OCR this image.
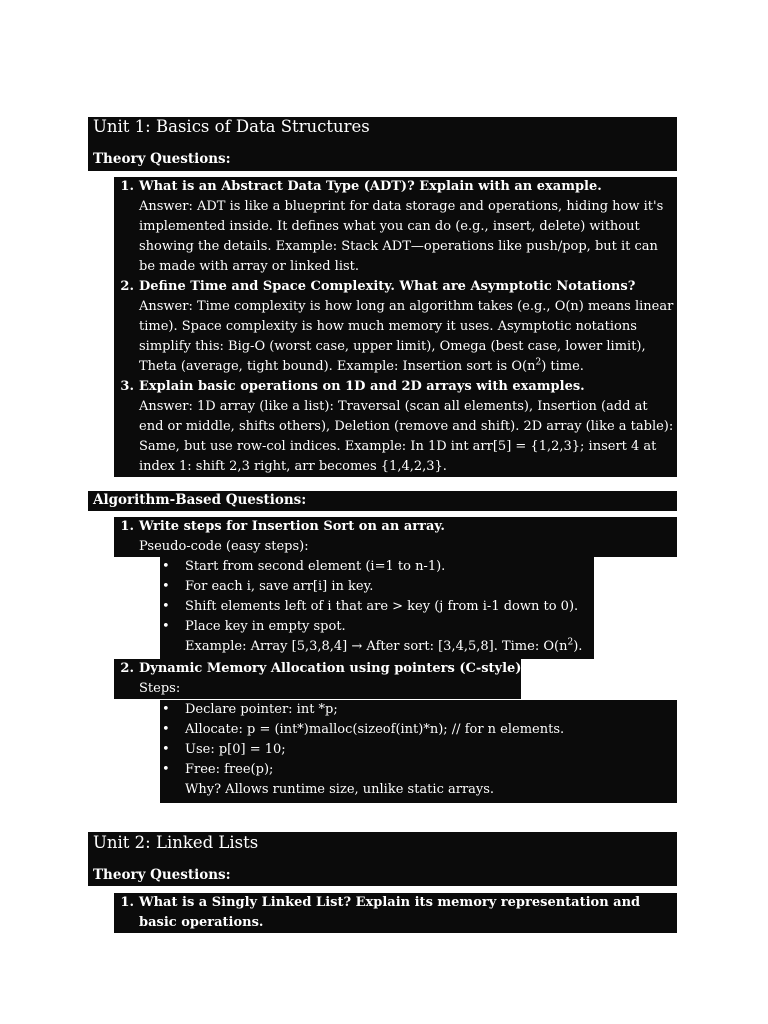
Unit 1: Basics of Data Structures
Theory Questions:
1 . What is an Abstract Data Type (ADT)? Explain with an example.
Answer: ADT is like a blueprint for data storage and operations, hiding how it's implemented inside. It defines what you can do (e.g., insert, delete) without showing the details. Example: Stack ADT—operations like push/pop, but it can be made with array or linked list.
2 . Define Time and Space Complexity. What are Asymptotic Notations?
Answer: Time complexity is how long an algorithm takes (e.g., O(n) means linear time). Space complexity is how much memory it uses. Asymptotic notations simplify this: Big-O (worst case, upper limit), Omega (best case, lower limit), Theta (average, tight bound). Example: Insertion sort is $O(n^2)$ time.
3 . Explain basic operations on 1D and 2D arrays with examples.
Answer: 1D array (like a list): Traversal (scan all elements), Insertion (add at end or middle, shifts others), Deletion (remove and shift). 2D array (like a table): Same, but use row-col indices. Example: In 1D int arr[5] = {1,2,3}; insert 4 at index 1: shift 2,3 right, arr becomes {1,4,2,3}.
Algorithm-Based Questions:
1 . Write steps for Insertion Sort on an array.
Pseudo-code (easy steps):
• Start from second element (i=1 to n-1).
• For each i, save arr[i] in key.
• Shift elements left of i that are > key (j from i-1 down to 0).
• Place key in empty spot.
Example: Array [5,3,8,4] → After sort: [3,4,5,8]. Time: $O(n^2)$.
2 . Dynamic Memory Allocation using pointers (C-style).
Steps:
• Declare pointer: int *p;
• Allocate: p = (int*)malloc(sizeof(int)*n); // for n elements.
• Use: p[0] = 10;
• Free: free(p);
Why? Allows runtime size, unlike static arrays.
Unit 2: Linked Lists
Theory Questions:
1 . What is a Singly Linked List? Explain its memory representation and basic operations.
